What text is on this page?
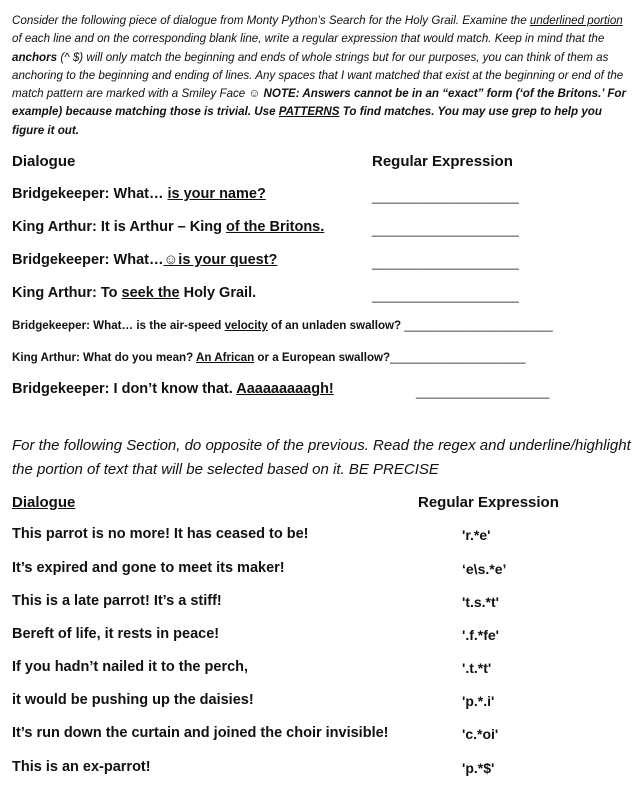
Consider the following piece of dialogue from Monty Python’s Search for the Holy Grail. Examine the underlined portion of each line and on the corresponding blank line, write a regular expression that would match. Keep in mind that the anchors (^ $) will only match the beginning and ends of whole strings but for our purposes, you can think of them as anchoring to the beginning and ending of lines. Any spaces that I want matched that exist at the beginning or end of the match pattern are marked with a Smiley Face ☺ NOTE: Answers cannot be in an “exact” form (‘of the Britons.’ For example) because matching those is trivial. Use PATTERNS To find matches. You may use grep to help you figure it out.
Dialogue	Regular Expression
Bridgekeeper: What… is your name?	______________________
King Arthur: It is Arthur – King of the Britons.	______________________
Bridgekeeper: What…☺is your quest?	______________________
King Arthur: To seek the Holy Grail.	______________________
Bridgekeeper: What… is the air-speed velocity of an unladen swallow? _______________________
King Arthur: What do you mean? An African or a European swallow?_____________________
Bridgekeeper: I don’t know that. Aaaaaaaaagh!	____________________
For the following Section, do opposite of the previous. Read the regex and underline/highlight the portion of text that will be selected based on it. BE PRECISE
Dialogue	Regular Expression
This parrot is no more! It has ceased to be!	'r.*e'
It’s expired and gone to meet its maker!	‘e\s.*e’
This is a late parrot! It’s a stiff!	't.s.*t'
Bereft of life, it rests in peace!	'.f.*fe'
If you hadn’t nailed it to the perch,	'.t.*t'
it would be pushing up the daisies!	'p.*.i'
It’s run down the curtain and joined the choir invisible!	'c.*oi'
This is an ex-parrot!	'p.*$'
